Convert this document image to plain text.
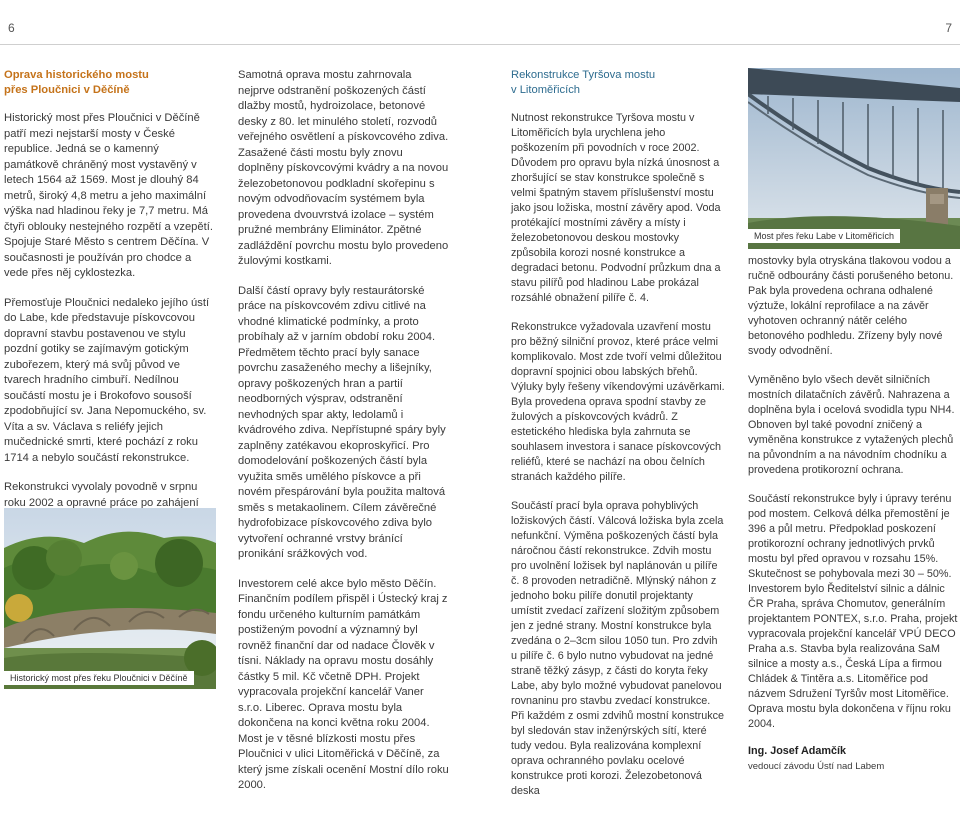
6	7
Oprava historického mostu
přes Ploučnici v Děčíně

Historický most přes Ploučnici v Děčíně patří mezi nejstarší mosty v České republice. Jedná se o kamenný památkově chráněný most vystavěný v letech 1564 až 1569. Most je dlouhý 84 metrů, široký 4,8 metru a jeho maximální výška nad hladinou řeky je 7,7 metru. Má čtyři oblouky nestejného rozpětí a vzepětí. Spojuje Staré Město s centrem Děčína. V současnosti je používán pro chodce a vede přes něj cyklostezka.

Přemosťuje Ploučnici nedaleko jejího ústí do Labe, kde představuje pískovcovou dopravní stavbu postavenou ve stylu pozdní gotiky se zajímavým gotickým zubořezem, který má svůj původ ve tvarech hradního cimbuří. Nedílnou součástí mostu je i Brokofovo sousoší zpodobňující sv. Jana Nepomuckého, sv. Víta a sv. Václava s reliéfy jejich mučednické smrti, které pochází z roku 1714 a nebylo součástí rekonstrukce.

Rekonstrukci vyvolaly povodně v srpnu roku 2002 a opravné práce po zahájení

Historický most přes řeku Ploučnici v Děčíně

Samotná oprava mostu zahrnovala nejprve odstranění poškozených částí dlažby mostů, hydroizolace, betonové desky z 80. let minulého století, rozvodů veřejného osvětlení a pískovcového zdiva. Zasažené části mostu byly znovu doplněny pískovcovými kvádry a na novou železobetonovou podkladní skořepinu s novým odvodňovacím systémem byla provedena dvouvrstvá izolace – systém pružné membrány Eliminátor. Zpětné zadláždění povrchu mostu bylo provedeno žulovými kostkami.

Další částí opravy byly restaurátorské práce na pískovcovém zdivu citlivé na vhodné klimatické podmínky, a proto probíhaly až v jarním období roku 2004. Předmětem těchto prací byly sanace povrchu zasaženého mechy a lišejníky, opravy poškozených hran a partií neodborných výsprav, odstranění nevhodných spar akty, ledolamů i kvádrového zdiva. Nepřístupné spáry byly zaplněny zatékavou ekoproskyřicí. Pro domodelování poškozených částí byla využita směs umělého pískovce a při novém přespárování byla použita maltová směs s metakaolinem. Cílem závěrečné hydrofobizace pískovcového zdiva bylo vytvoření ochranné vrstvy bránící pronikání srážkových vod.

Investorem celé akce bylo město Děčín. Finančním podílem přispěl i Ústecký kraj z fondu určeného kulturním památkám postiženým povodní a významný byl rovněž finanční dar od nadace Člověk v tísni. Náklady na opravu mostu dosáhly částky 5 mil. Kč včetně DPH. Projekt vypracovala projekční kancelář Vaner s.r.o. Liberec. Oprava mostu byla dokončena na konci května roku 2004. Most je v těsné blízkosti mostu přes Ploučnici v ulici Litoměřická v Děčíně, za který jsme získali ocenění Mostní dílo roku 2000.

Rekonstrukce Tyršova mostu
v Litoměřicích

Nutnost rekonstrukce Tyršova mostu v Litoměřicích byla urychlena jeho poškozením při povodních v roce 2002. Důvodem pro opravu byla nízká únosnost a zhoršující se stav konstrukce společně s velmi špatným stavem příslušenství mostu jako jsou ložiska, mostní závěry apod. Voda protékající mostními závěry a místy i železobetonovou deskou mostovky způsobila korozi nosné konstrukce a degradaci betonu. Podvodní průzkum dna a stavu pilířů pod hladinou Labe prokázal rozsáhlé obnažení pilíře č. 4.

Rekonstrukce vyžadovala uzavření mostu pro běžný silniční provoz, které práce velmi komplikovalo. Most zde tvoří velmi důležitou dopravní spojnici obou labských břehů. Výluky byly řešeny víkendovými uzávěrkami. Byla provedena oprava spodní stavby ze žulových a pískovcových kvádrů. Z estetického hlediska byla zahrnuta se souhlasem investora i sanace pískovcových reliéfů, které se nachází na obou čelních stranách každého pilíře.

Součástí prací byla oprava pohyblivých ložiskových částí. Válcová ložiska byla zcela nefunkční. Výměna poškozených částí byla náročnou částí rekonstrukce. Zdvih mostu pro uvolnění ložisek byl naplánován u pilíře č. 8 provoden netradičně. Mlýnský náhon z jednoho boku pilíře donutil projektanty umístit zvedací zařízení složitým způsobem jen z jedné strany. Mostní konstrukce byla zvedána o 2–3cm silou 1050 tun. Pro zdvih u pilíře č. 6 bylo nutno vybudovat na jedné straně těžký zásyp, z části do koryta řeky Labe, aby bylo možné vybudovat panelovou rovnaninu pro stavbu zvedací konstrukce. Při každém z osmi zdvihů mostní konstrukce byl sledován stav inženýrských sítí, které tudy vedou. Byla realizována komplexní oprava ochranného povlaku ocelové konstrukce proti korozi. Železobetonová deska

Most přes řeku Labe v Litoměřicích

mostovky byla otryskána tlakovou vodou a ručně odbourány části porušeného betonu. Pak byla provedena ochrana odhalené výztuže, lokální reprofilace a na závěr vyhotoven ochranný nátěr celého betonového podhledu. Zřízeny byly nové svody odvodnění.

Vyměněno bylo všech devět silničních mostních dilatačních závěrů. Nahrazena a doplněna byla i ocelová svodidla typu NH4. Obnoven byl také povodní zničený a vyměněna konstrukce z vytažených plechů na půvondním a na návodním chodníku a provedena protikorozní ochrana.

Součástí rekonstrukce byly i úpravy terénu pod mostem. Celková délka přemostění je 396 a půl metru. Předpoklad poskození protikorozní ochrany jednotlivých prvků mostu byl před opravou v rozsahu 15%. Skutečnost se pohybovala mezi 30 – 50%. Investorem bylo Ředitelství silnic a dálnic ČR Praha, správa Chomutov, generálním projektantem PONTEX, s.r.o. Praha, projekt vypracovala projekční kancelář VPÚ DECO Praha a.s. Stavba byla realizována SaM silnice a mosty a.s., Česká Lípa a firmou Chládek & Tintěra a.s. Litoměřice pod názvem Sdružení Tyršův most Litoměřice. Oprava mostu byla dokončena v říjnu roku 2004.

Ing. Josef Adamčík
vedoucí závodu Ústí nad Labem
